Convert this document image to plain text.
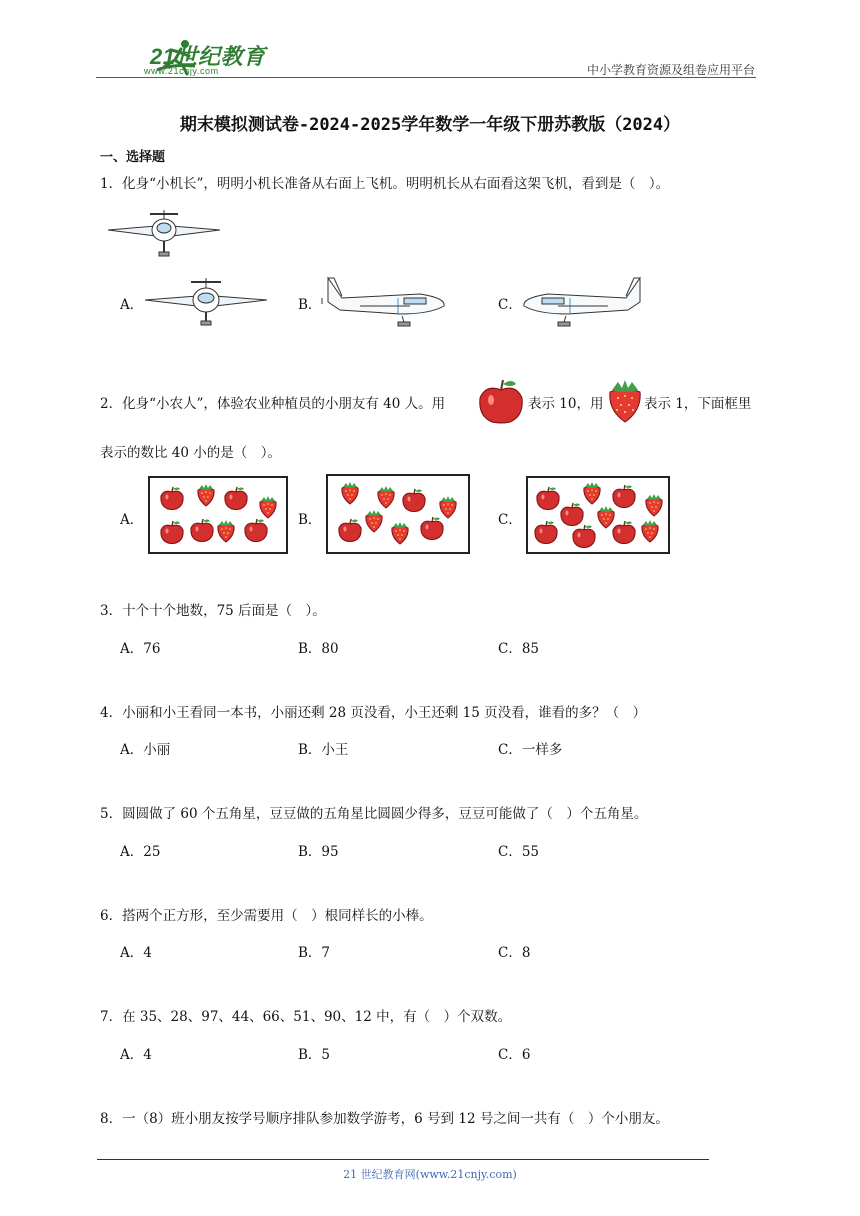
21世纪教育
www.21cnjy.com	中小学教育资源及组卷应用平台
期末模拟测试卷-2024-2025学年数学一年级下册苏教版（2024）
一、选择题
1．化身“小机长”，明明小机长准备从右面上飞机。明明机长从右面看这架飞机，看到是（　）。
A．	B．	C．
2．化身“小农人”，体验农业种植员的小朋友有 40 人。用	表示 10，用	表示 1，下面框里
表示的数比 40 小的是（　）。
A．	B．	C．
3．十个十个地数，75 后面是（　）。
A．76	B．80	C．85
4．小丽和小王看同一本书，小丽还剩 28 页没看，小王还剩 15 页没看，谁看的多？（　）
A．小丽	B．小王	C．一样多
5．圆圆做了 60 个五角星，豆豆做的五角星比圆圆少得多，豆豆可能做了（　）个五角星。
A．25	B．95	C．55
6．搭两个正方形，至少需要用（　）根同样长的小棒。
A．4	B．7	C．8
7．在 35、28、97、44、66、51、90、12 中，有（　）个双数。
A．4	B．5	C．6
8．一（8）班小朋友按学号顺序排队参加数学游考，6 号到 12 号之间一共有（　）个小朋友。
21 世纪教育网(www.21cnjy.com)
